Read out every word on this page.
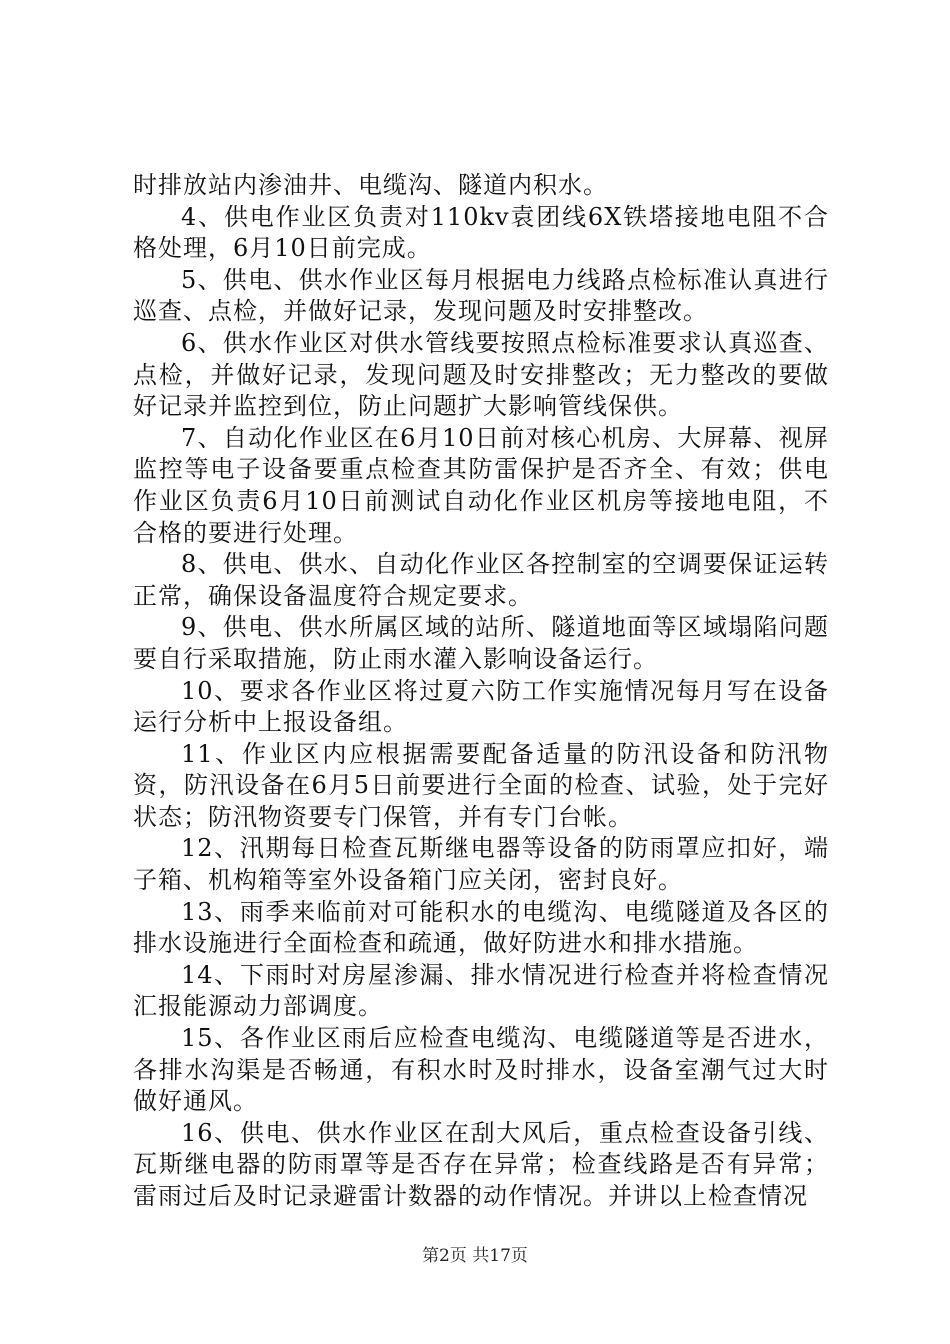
时排放站内渗油井、电缆沟、隧道内积水。

4、供电作业区负责对110kv袁团线6X铁塔接地电阻不合格处理，6月10日前完成。

5、供电、供水作业区每月根据电力线路点检标准认真进行巡查、点检，并做好记录，发现问题及时安排整改。

6、供水作业区对供水管线要按照点检标准要求认真巡查、点检，并做好记录，发现问题及时安排整改；无力整改的要做好记录并监控到位，防止问题扩大影响管线保供。

7、自动化作业区在6月10日前对核心机房、大屏幕、视屏监控等电子设备要重点检查其防雷保护是否齐全、有效；供电作业区负责6月10日前测试自动化作业区机房等接地电阻，不合格的要进行处理。

8、供电、供水、自动化作业区各控制室的空调要保证运转正常，确保设备温度符合规定要求。

9、供电、供水所属区域的站所、隧道地面等区域塌陷问题要自行采取措施，防止雨水灌入影响设备运行。

10、要求各作业区将过夏六防工作实施情况每月写在设备运行分析中上报设备组。

11、作业区内应根据需要配备适量的防汛设备和防汛物资，防汛设备在6月5日前要进行全面的检查、试验，处于完好状态；防汛物资要专门保管，并有专门台帐。

12、汛期每日检查瓦斯继电器等设备的防雨罩应扣好，端子箱、机构箱等室外设备箱门应关闭，密封良好。

13、雨季来临前对可能积水的电缆沟、电缆隧道及各区的排水设施进行全面检查和疏通，做好防进水和排水措施。

14、下雨时对房屋渗漏、排水情况进行检查并将检查情况汇报能源动力部调度。

15、各作业区雨后应检查电缆沟、电缆隧道等是否进水，各排水沟渠是否畅通，有积水时及时排水，设备室潮气过大时做好通风。

16、供电、供水作业区在刮大风后，重点检查设备引线、瓦斯继电器的防雨罩等是否存在异常；检查线路是否有异常；雷雨过后及时记录避雷计数器的动作情况。并讲以上检查情况

第2页 共17页
